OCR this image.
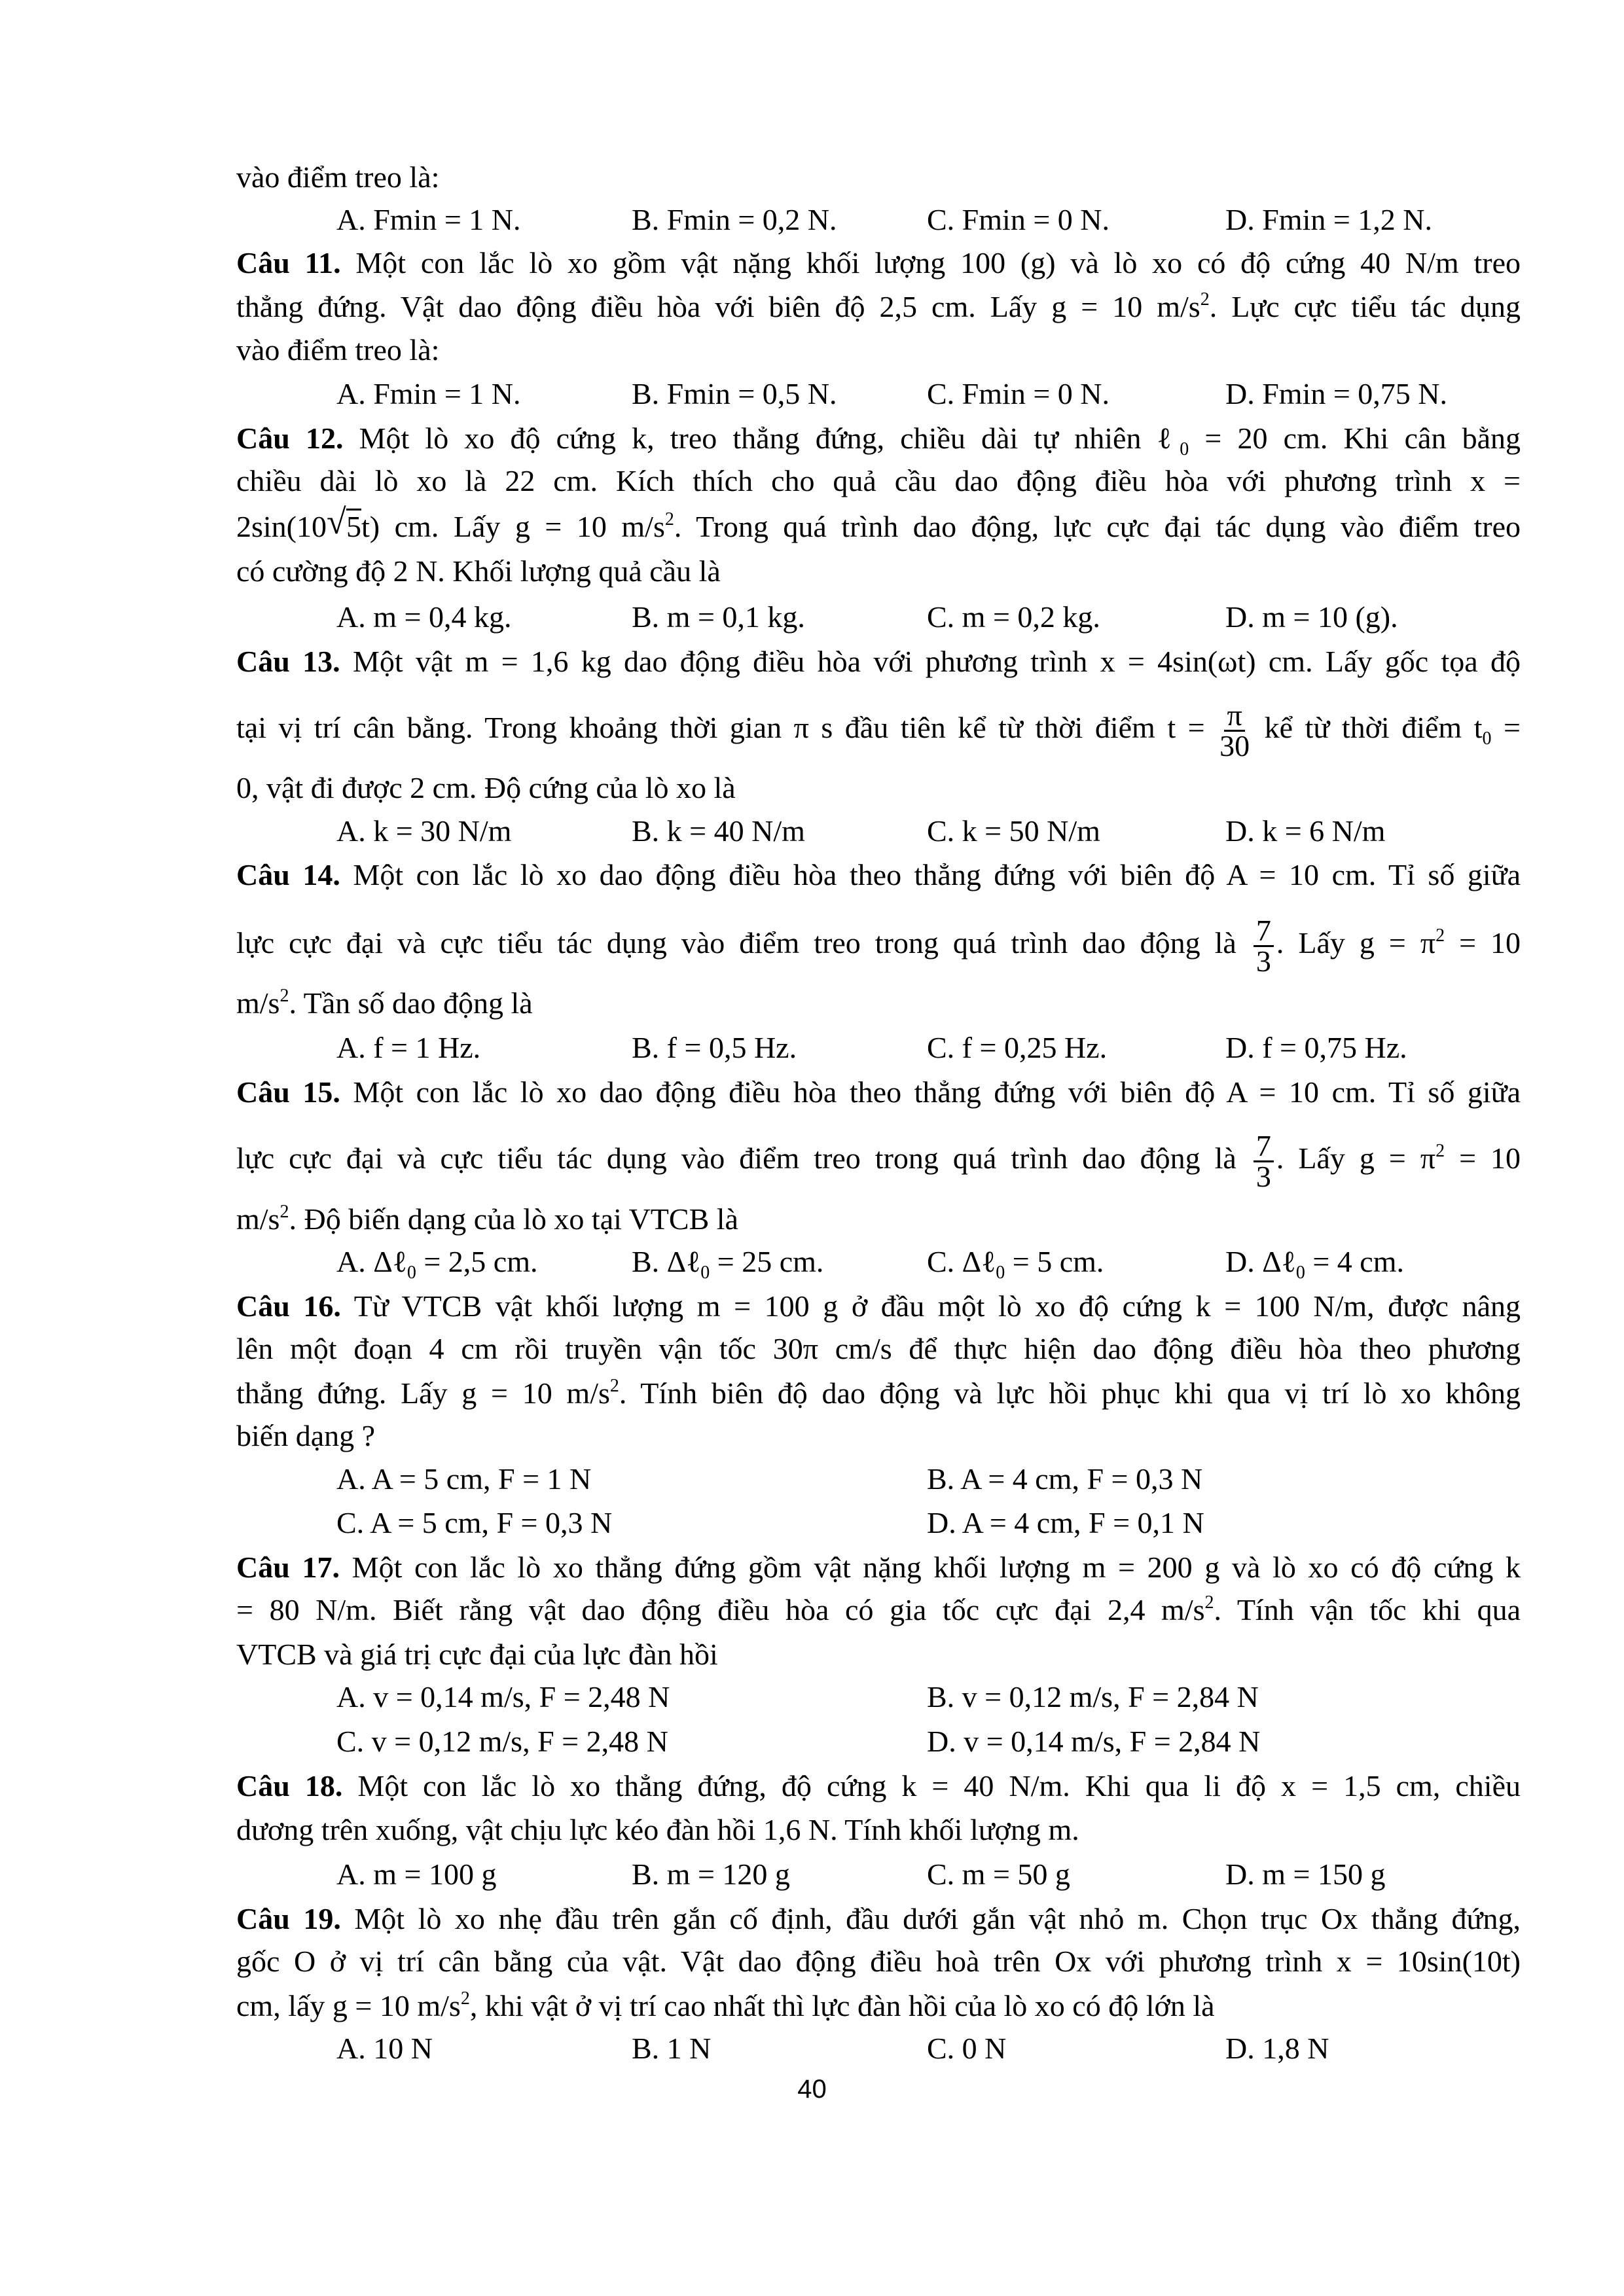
vào điểm treo là:
A. Fmin = 1 N.	B. Fmin = 0,2 N.	C. Fmin = 0 N.	D. Fmin = 1,2 N.
Câu 11. Một con lắc lò xo gồm vật nặng khối lượng 100 (g) và lò xo có độ cứng 40 N/m treo
thẳng đứng. Vật dao động điều hòa với biên độ 2,5 cm. Lấy g = 10 $m/s^2$. Lực cực tiểu tác dụng
vào điểm treo là:
A. Fmin = 1 N.	B. Fmin = 0,5 N.	C. Fmin = 0 N.	D. Fmin = 0,75 N.
Câu 12. Một lò xo độ cứng k, treo thẳng đứng, chiều dài tự nhiên ℓ$_0$ = 20 cm. Khi cân bằng
chiều dài lò xo là 22 cm. Kích thích cho quả cầu dao động điều hòa với phương trình x =
2sin(10 √ 5t) cm. Lấy g = 10 $m/s^2$. Trong quá trình dao động, lực cực đại tác dụng vào điểm treo
có cường độ 2 N. Khối lượng quả cầu là
A. m = 0,4 kg.	B. m = 0,1 kg.	C. m = 0,2 kg.	D. m = 10 (g).
Câu 13. Một vật m = 1,6 kg dao động điều hòa với phương trình x = 4sin(ωt) cm. Lấy gốc tọa độ
tại vị trí cân bằng. Trong khoảng thời gian π s đầu tiên kể từ thời điểm $t = \frac{\pi}{30}$ kể từ thời điểm $t_0$ =
0, vật đi được 2 cm. Độ cứng của lò xo là
A. k = 30 N/m	B. k = 40 N/m	C. k = 50 N/m	D. k = 6 N/m
Câu 14. Một con lắc lò xo dao động điều hòa theo thẳng đứng với biên độ A = 10 cm. Tỉ số giữa
lực cực đại và cực tiểu tác dụng vào điểm treo trong quá trình dao động là $\frac{7}{3}$ . Lấy $g = \pi^2 = 10$
$m/s^2$. Tần số dao động là
A. f = 1 Hz.	B. f = 0,5 Hz.	C. f = 0,25 Hz.	D. f = 0,75 Hz.
Câu 15. Một con lắc lò xo dao động điều hòa theo thẳng đứng với biên độ A = 10 cm. Tỉ số giữa
lực cực đại và cực tiểu tác dụng vào điểm treo trong quá trình dao động là $\frac{7}{3}$ . Lấy $g = \pi^2 = 10$
$m/s^2$. Độ biến dạng của lò xo tại VTCB là
A. Δℓ$_0$ = 2,5 cm.	B. Δℓ$_0$ = 25 cm.	C. Δℓ$_0$ = 5 cm.	D. Δℓ$_0$ = 4 cm.
Câu 16. Từ VTCB vật khối lượng m = 100 g ở đầu một lò xo độ cứng k = 100 N/m, được nâng
lên một đoạn 4 cm rồi truyền vận tốc 30π cm/s để thực hiện dao động điều hòa theo phương
thẳng đứng. Lấy g = 10 $m/s^2$. Tính biên độ dao động và lực hồi phục khi qua vị trí lò xo không
biến dạng ?
A. A = 5 cm, F = 1 N	B. A = 4 cm, F = 0,3 N
C. A = 5 cm, F = 0,3 N	D. A = 4 cm, F = 0,1 N
Câu 17. Một con lắc lò xo thẳng đứng gồm vật nặng khối lượng m = 200 g và lò xo có độ cứng k
= 80 N/m. Biết rằng vật dao động điều hòa có gia tốc cực đại 2,4 $m/s^2$. Tính vận tốc khi qua
VTCB và giá trị cực đại của lực đàn hồi
A. v = 0,14 m/s, F = 2,48 N	B. v = 0,12 m/s, F = 2,84 N
C. v = 0,12 m/s, F = 2,48 N	D. v = 0,14 m/s, F = 2,84 N
Câu 18. Một con lắc lò xo thẳng đứng, độ cứng k = 40 N/m. Khi qua li độ x = 1,5 cm, chiều
dương trên xuống, vật chịu lực kéo đàn hồi 1,6 N. Tính khối lượng m.
A. m = 100 g	B. m = 120 g	C. m = 50 g	D. m = 150 g
Câu 19. Một lò xo nhẹ đầu trên gắn cố định, đầu dưới gắn vật nhỏ m. Chọn trục Ox thẳng đứng,
gốc O ở vị trí cân bằng của vật. Vật dao động điều hoà trên Ox với phương trình x = 10sin(10t)
cm, lấy g = 10 $m/s^2$, khi vật ở vị trí cao nhất thì lực đàn hồi của lò xo có độ lớn là
A. 10 N	B. 1 N	C. 0 N	D. 1,8 N
40
